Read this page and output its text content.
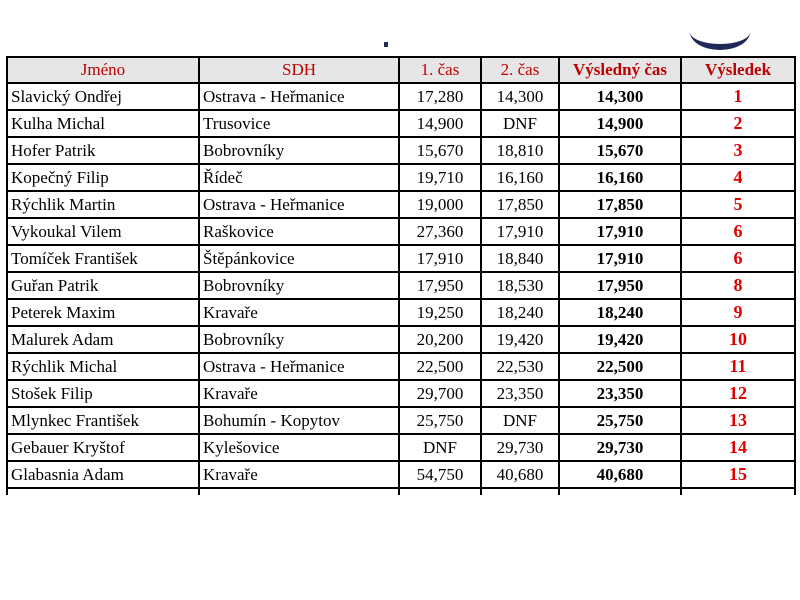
Jméno	SDH	1. čas	2. čas	Výsledný čas	Výsledek
Slavický Ondřej	Ostrava - Heřmanice	17,280	14,300	14,300	1
Kulha Michal	Trusovice	14,900	DNF	14,900	2
Hofer Patrik	Bobrovníky	15,670	18,810	15,670	3
Kopečný Filip	Řídeč	19,710	16,160	16,160	4
Rýchlik Martin	Ostrava - Heřmanice	19,000	17,850	17,850	5
Vykoukal Vilem	Raškovice	27,360	17,910	17,910	6
Tomíček František	Štěpánkovice	17,910	18,840	17,910	6
Guřan Patrik	Bobrovníky	17,950	18,530	17,950	8
Peterek Maxim	Kravaře	19,250	18,240	18,240	9
Malurek Adam	Bobrovníky	20,200	19,420	19,420	10
Rýchlik Michal	Ostrava - Heřmanice	22,500	22,530	22,500	11
Stošek Filip	Kravaře	29,700	23,350	23,350	12
Mlynkec František	Bohumín - Kopytov	25,750	DNF	25,750	13
Gebauer Kryštof	Kylešovice	DNF	29,730	29,730	14
Glabasnia Adam	Kravaře	54,750	40,680	40,680	15
